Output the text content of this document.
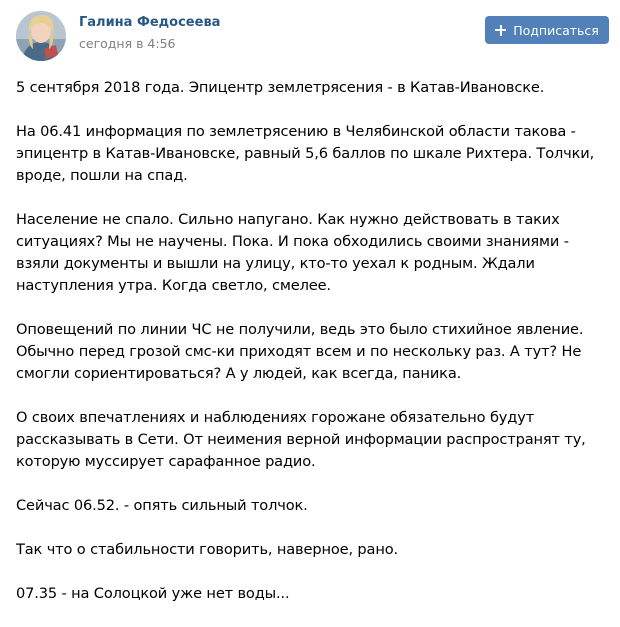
Галина Федосеева
сегодня в 4:56
Подписаться

5 сентября 2018 года. Эпицентр землетрясения - в Катав-Ивановске.

На 06.41 информация по землетрясению в Челябинской области такова - эпицентр в Катав-Ивановске, равный 5,6 баллов по шкале Рихтера. Толчки, вроде, пошли на спад.

Население не спало. Сильно напугано. Как нужно действовать в таких ситуациях? Мы не научены. Пока. И пока обходились своими знаниями - взяли документы и вышли на улицу, кто-то уехал к родным. Ждали наступления утра. Когда светло, смелее.

Оповещений по линии ЧС не получили, ведь это было стихийное явление. Обычно перед грозой смс-ки приходят всем и по нескольку раз. А тут? Не смогли сориентироваться? А у людей, как всегда, паника.

О своих впечатлениях и наблюдениях горожане обязательно будут рассказывать в Сети. От неимения верной информации распространят ту, которую муссирует сарафанное радио.

Сейчас 06.52. - опять сильный толчок.

Так что о стабильности говорить, наверное, рано.

07.35 - на Солоцкой уже нет воды...
